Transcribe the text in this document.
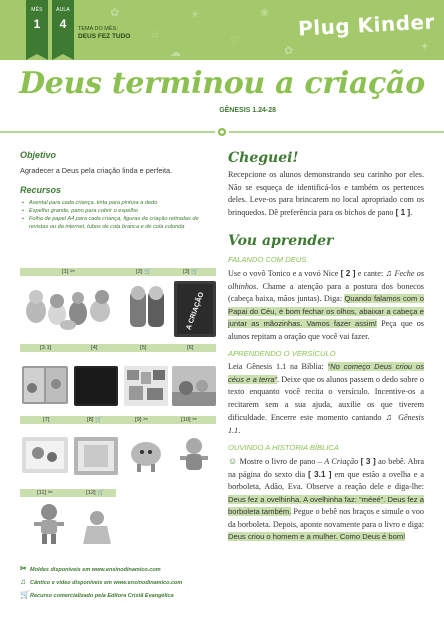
✿
☆
☀
♡
❀
☁	✦
✿
MÊS
1
AULA
4	TEMA DO MÊS:
DEUS FEZ TUDO	Plug Kinder
Deus terminou a criação
GÊNESIS 1.24-28
Objetivo
Agradecer a Deus pela criação linda e perfeita.
Recursos
• Avental para cada criança, tinta para pintura a dedo
• Espelho grande, pano para cobrir o espelho
• Folha de papel A4 para cada criança, figuras da criação retiradas de revistas ou da internet, tubos de cola branca e de cola colorida
[1] ✂	[2] 🛒	[3] 🛒
A CRIAÇÃO
[3.1]	[4]	[5]	[6]
[7]	[8] 🛒	[9] ✂	[10] ✂
[11] ✂	[12] 🛒
✂ Moldes disponíveis em www.ensinodinamico.com
♫ Cântico e vídeo disponíveis em www.ensinodinamico.com
🛒Recurso comercializado pela Editora Cristã Evangélica
Cheguei!
Recepcione os alunos demonstrando seu carinho por eles. Não se esqueça de identificá-los e também os pertences deles. Leve-os para brincarem no local apropriado com os brinquedos. Dê preferência para os bichos de pano [ 1 ].
Vou aprender
FALANDO COM DEUS
Use o vovô Tonico e a vovó Nice [ 2 ] e cante: ♫ Feche os olhinhos. Chame a atenção para a postura dos bonecos (cabeça baixa, mãos juntas). Diga: Quando falamos com o Papai do Céu, é bom fechar os olhos, abaixar a cabeça e juntar as mãozinhas. Vamos fazer assim! Peça que os alunos repitam a oração que você vai fazer.
APRENDENDO O VERSÍCULO
Leia Gênesis 1.1 na Bíblia: “No começo Deus criou os céus e a terra”. Deixe que os alunos passem o dedo sobre o texto enquanto você recita o versículo. Incentive-os a recitarem sem a sua ajuda, auxilie os que tiverem dificuldade. Encerre este momento cantando ♫ Gênesis 1.1.
OUVINDO A HISTÓRIA BÍBLICA
☺ Mostre o livro de pano – A Criação [ 3 ] ao bebê. Abra na página do sexto dia [ 3.1 ] em que estão a ovelha e a borboleta, Adão, Eva. Observe a reação dele e diga-lhe: Deus fez a ovelhinha. A ovelhinha faz: “méeé”. Deus fez a borboleta também. Pegue o bebê nos braços e simule o voo da borboleta. Depois, aponte novamente para o livro e diga: Deus criou o homem e a mulher. Como Deus é bom!
